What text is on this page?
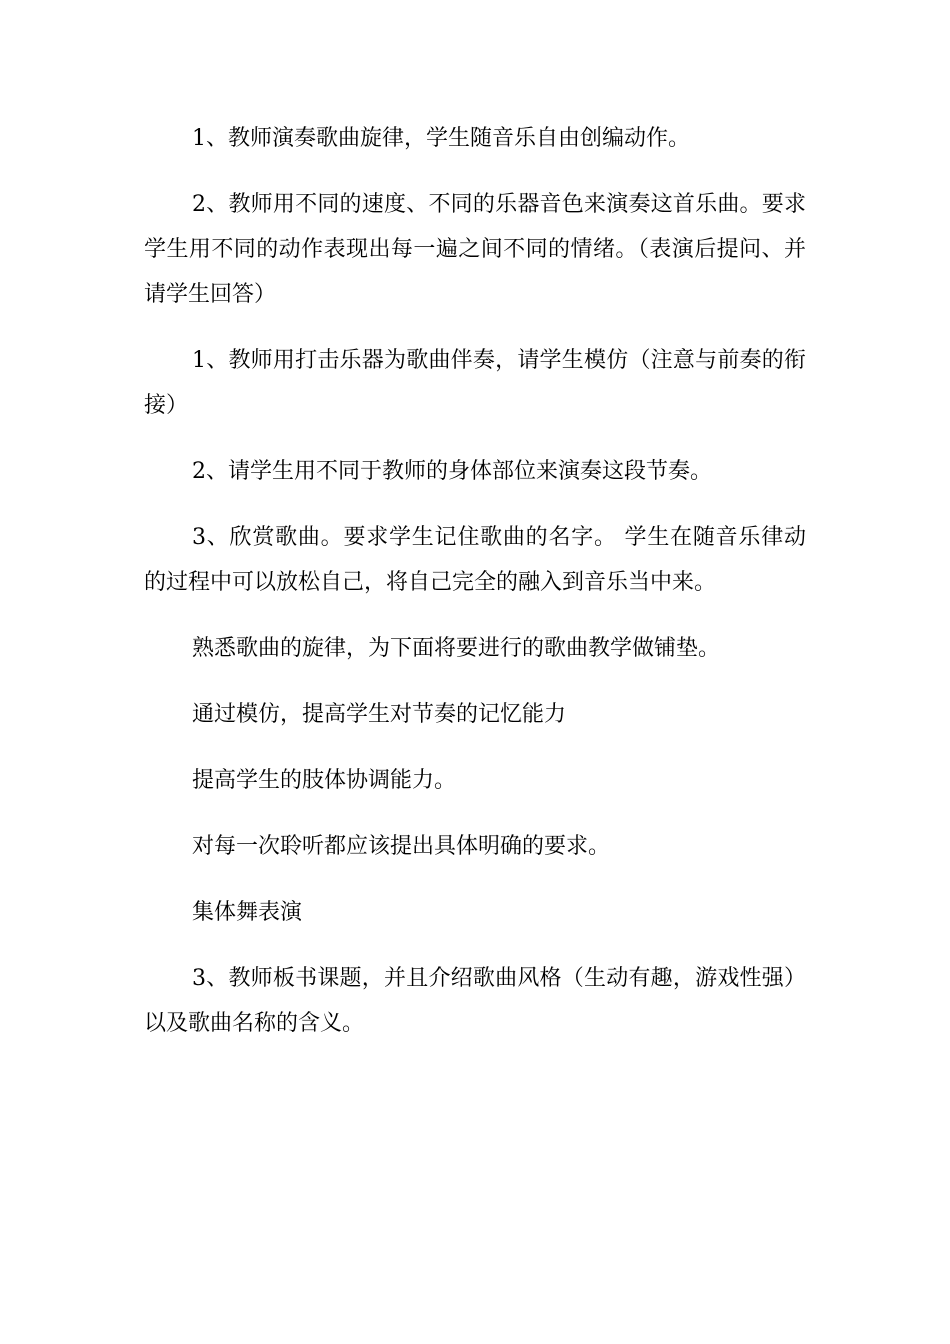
1、教师演奏歌曲旋律，学生随音乐自由创编动作。

2、教师用不同的速度、不同的乐器音色来演奏这首乐曲。要求学生用不同的动作表现出每一遍之间不同的情绪。（表演后提问、并请学生回答）

1、教师用打击乐器为歌曲伴奏，请学生模仿（注意与前奏的衔接）

2、请学生用不同于教师的身体部位来演奏这段节奏。

3、欣赏歌曲。要求学生记住歌曲的名字。 学生在随音乐律动的过程中可以放松自己，将自己完全的融入到音乐当中来。

熟悉歌曲的旋律，为下面将要进行的歌曲教学做铺垫。

通过模仿，提高学生对节奏的记忆能力

提高学生的肢体协调能力。

对每一次聆听都应该提出具体明确的要求。

集体舞表演

3、教师板书课题，并且介绍歌曲风格（生动有趣，游戏性强）以及歌曲名称的含义。
